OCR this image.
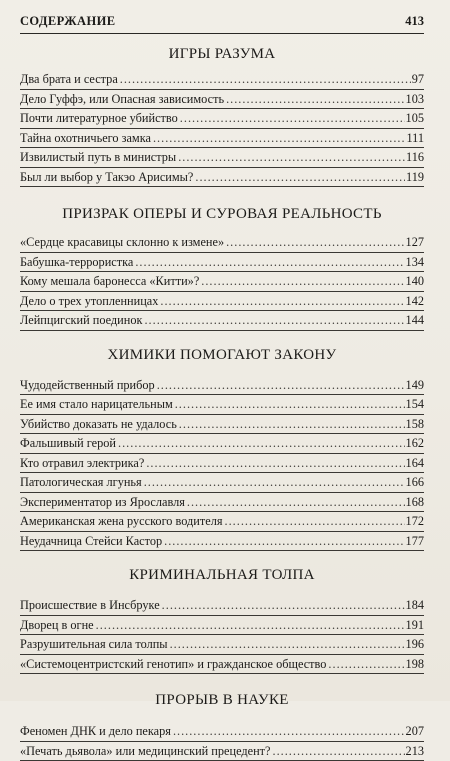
СОДЕРЖАНИЕ	413
ИГРЫ РАЗУМА
Два брата и сестра .....	97
Дело Гуффэ, или Опасная зависимость .....	103
Почти литературное убийство .....	105
Тайна охотничьего замка .....	111
Извилистый путь в министры .....	116
Был ли выбор у Такэо Арисимы? .....	119
ПРИЗРАК ОПЕРЫ И СУРОВАЯ РЕАЛЬНОСТЬ
«Сердце красавицы склонно к измене» .....	127
Бабушка-террористка .....	134
Кому мешала баронесса «Китти»? .....	140
Дело о трех утопленницах .....	142
Лейпцигский поединок .....	144
ХИМИКИ ПОМОГАЮТ ЗАКОНУ
Чудодейственный прибор .....	149
Ее имя стало нарицательным .....	154
Убийство доказать не удалось .....	158
Фальшивый герой .....	162
Кто отравил электрика? .....	164
Патологическая лгунья .....	166
Экспериментатор из Ярославля .....	168
Американская жена русского водителя .....	172
Неудачница Стейси Кастор .....	177
КРИМИНАЛЬНАЯ ТОЛПА
Происшествие в Инсбруке .....	184
Дворец в огне .....	191
Разрушительная сила толпы .....	196
«Системоцентристский генотип» и гражданское общество .....	198
ПРОРЫВ В НАУКЕ
Феномен ДНК и дело пекаря .....	207
«Печать дьявола» или медицинский прецедент? .....	213
